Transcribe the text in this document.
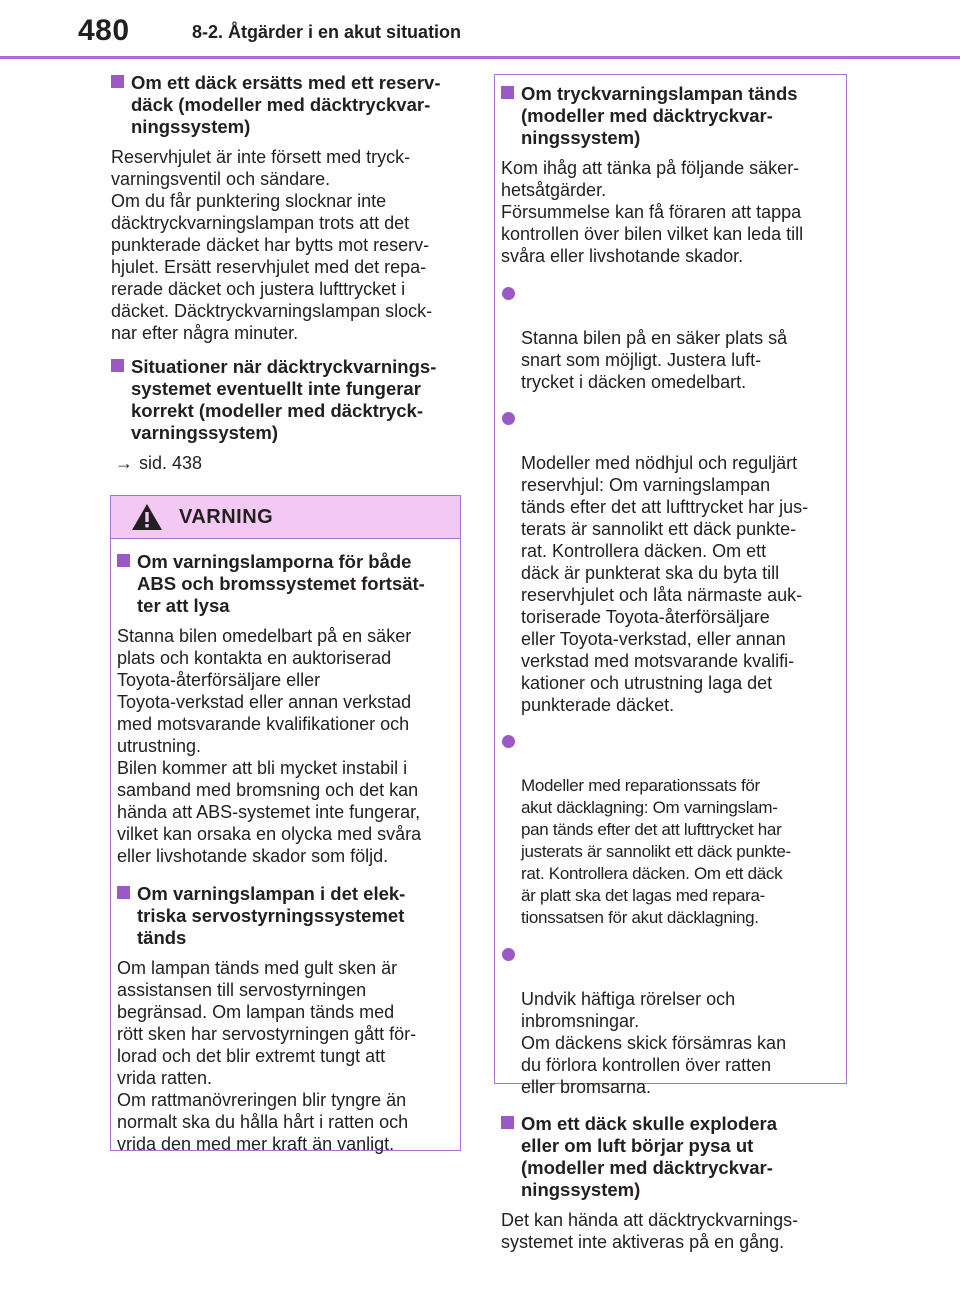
480	8-2. Åtgärder i en akut situation
Om ett däck ersätts med ett reserv-
däck (modeller med däcktryckvar-
ningssystem)
Reservhjulet är inte försett med tryck-
varningsventil och sändare.
Om du får punktering slocknar inte
däcktryckvarningslampan trots att det
punkterade däcket har bytts mot reserv-
hjulet. Ersätt reservhjulet med det repa-
rerade däcket och justera lufttrycket i
däcket. Däcktryckvarningslampan slock-
nar efter några minuter.
Situationer när däcktryckvarnings-
systemet eventuellt inte fungerar
korrekt (modeller med däcktryck-
varningssystem)
→ sid. 438
VARNING
Om varningslamporna för både
ABS och bromssystemet fortsät-
ter att lysa
Stanna bilen omedelbart på en säker
plats och kontakta en auktoriserad
Toyota-återförsäljare eller
Toyota-verkstad eller annan verkstad
med motsvarande kvalifikationer och
utrustning.
Bilen kommer att bli mycket instabil i
samband med bromsning och det kan
hända att ABS-systemet inte fungerar,
vilket kan orsaka en olycka med svåra
eller livshotande skador som följd.
Om varningslampan i det elek-
triska servostyrningssystemet
tänds
Om lampan tänds med gult sken är
assistansen till servostyrningen
begränsad. Om lampan tänds med
rött sken har servostyrningen gått för-
lorad och det blir extremt tungt att
vrida ratten.
Om rattmanövreringen blir tyngre än
normalt ska du hålla hårt i ratten och
vrida den med mer kraft än vanligt.
Om tryckvarningslampan tänds
(modeller med däcktryckvar-
ningssystem)
Kom ihåg att tänka på följande säker-
hetsåtgärder.
Försummelse kan få föraren att tappa
kontrollen över bilen vilket kan leda till
svåra eller livshotande skador.

Stanna bilen på en säker plats så
snart som möjligt. Justera luft-
trycket i däcken omedelbart.

Modeller med nödhjul och reguljärt
reservhjul: Om varningslampan
tänds efter det att lufttrycket har jus-
terats är sannolikt ett däck punkte-
rat. Kontrollera däcken. Om ett
däck är punkterat ska du byta till
reservhjulet och låta närmaste auk-
toriserade Toyota-återförsäljare
eller Toyota-verkstad, eller annan
verkstad med motsvarande kvalifi-
kationer och utrustning laga det
punkterade däcket.

Modeller med reparationssats för
akut däcklagning: Om varningslam-
pan tänds efter det att lufttrycket har
justerats är sannolikt ett däck punkte-
rat. Kontrollera däcken. Om ett däck
är platt ska det lagas med repara-
tionssatsen för akut däcklagning.

Undvik häftiga rörelser och
inbromsningar.
Om däckens skick försämras kan
du förlora kontrollen över ratten
eller bromsarna.

Om ett däck skulle explodera
eller om luft börjar pysa ut
(modeller med däcktryckvar-
ningssystem)
Det kan hända att däcktryckvarnings-
systemet inte aktiveras på en gång.
